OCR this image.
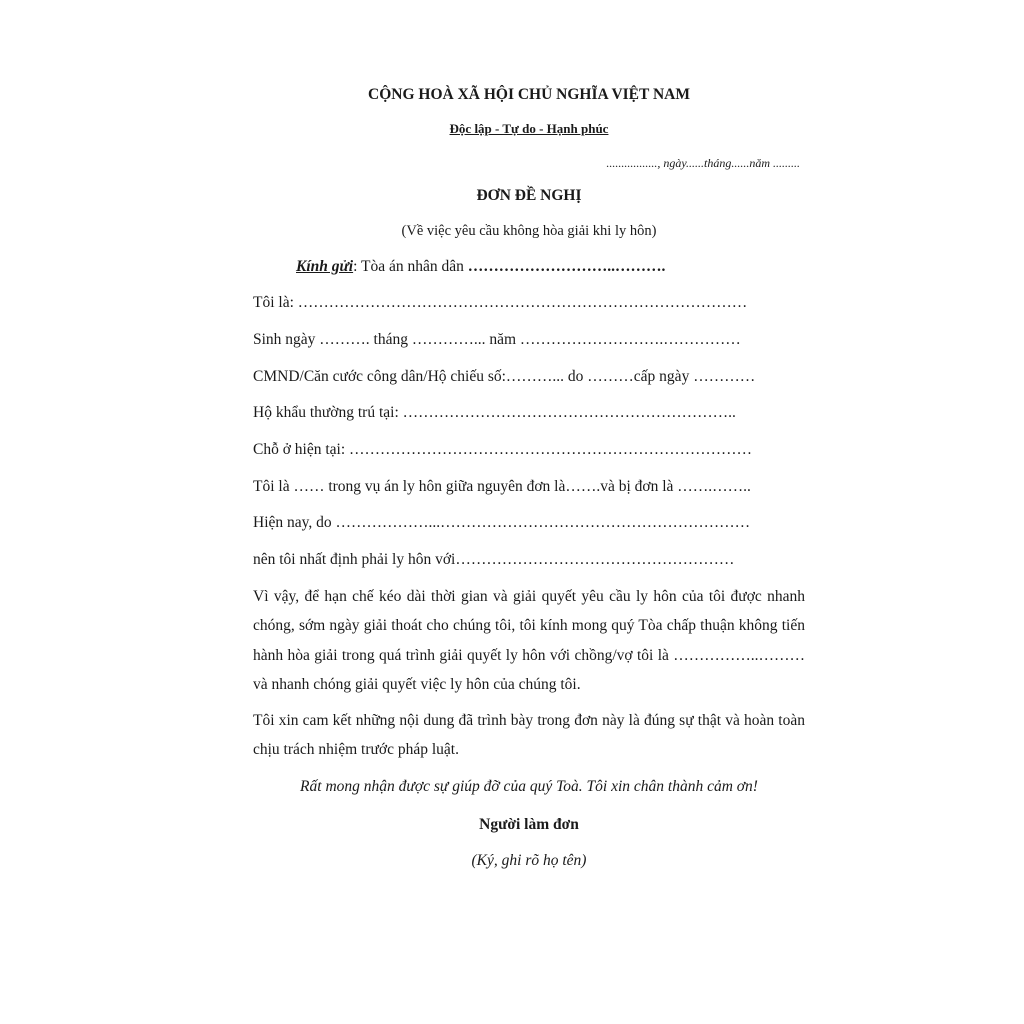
CỘNG HOÀ XÃ HỘI CHỦ NGHĨA VIỆT NAM
Độc lập - Tự do - Hạnh phúc
................., ngày......tháng......năm .........
ĐƠN ĐỀ NGHỊ
(Về việc yêu cầu không hòa giải khi ly hôn)
Kính gửi: Tòa án nhân dân ………………………..……….
Tôi là: ……………………………………………………………………………
Sinh ngày ………. tháng …………... năm ……………………….……………
CMND/Căn cước công dân/Hộ chiếu số:………... do ………cấp ngày …………
Hộ khẩu thường trú tại: ………………………………………………………..
Chỗ ở hiện tại: ……………………………………………………………………
Tôi là …… trong vụ án ly hôn giữa nguyên đơn là…….và bị đơn là …….……..
Hiện nay, do ………………...……………………………………………………
nên tôi nhất định phải ly hôn với………………………………………………
Vì vậy, để hạn chế kéo dài thời gian và giải quyết yêu cầu ly hôn của tôi được nhanh chóng, sớm ngày giải thoát cho chúng tôi, tôi kính mong quý Tòa chấp thuận không tiến hành hòa giải trong quá trình giải quyết ly hôn với chồng/vợ tôi là ……………..……… và nhanh chóng giải quyết việc ly hôn của chúng tôi.
Tôi xin cam kết những nội dung đã trình bày trong đơn này là đúng sự thật và hoàn toàn chịu trách nhiệm trước pháp luật.
Rất mong nhận được sự giúp đỡ của quý Toà. Tôi xin chân thành cảm ơn!
Người làm đơn
(Ký, ghi rõ họ tên)
